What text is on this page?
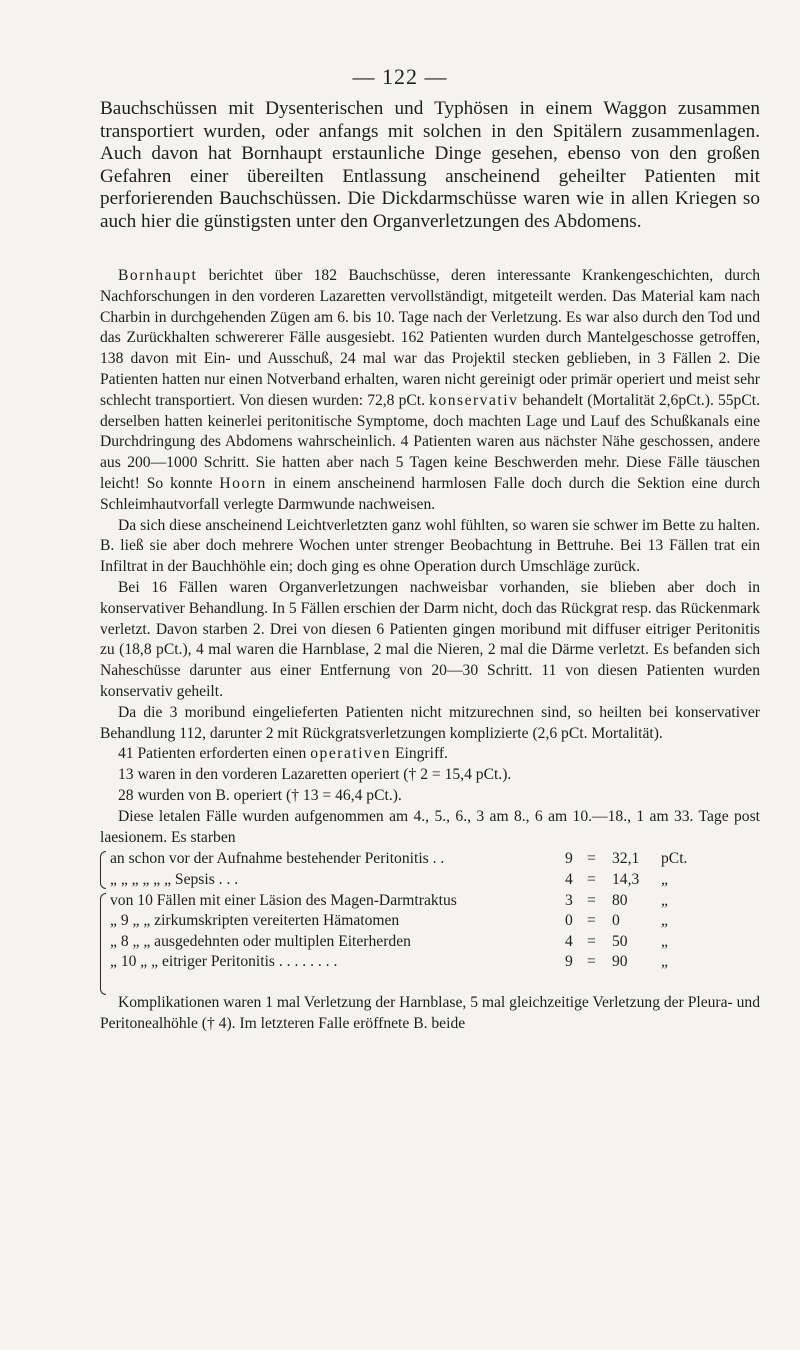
— 122 —
Bauchschüssen mit Dysenterischen und Typhösen in einem Waggon zusammen transportiert wurden, oder anfangs mit solchen in den Spitälern zusammenlagen. Auch davon hat Bornhaupt erstaunliche Dinge gesehen, ebenso von den großen Gefahren einer übereilten Entlassung anscheinend geheilter Patienten mit perforierenden Bauchschüssen. Die Dickdarmschüsse waren wie in allen Kriegen so auch hier die günstigsten unter den Organverletzungen des Abdomens.

Bornhaupt berichtet über 182 Bauchschüsse, deren interessante Krankengeschichten, durch Nachforschungen in den vorderen Lazaretten vervollständigt, mitgeteilt werden. Das Material kam nach Charbin in durchgehenden Zügen am 6. bis 10. Tage nach der Verletzung. Es war also durch den Tod und das Zurückhalten schwererer Fälle ausgesiebt. 162 Patienten wurden durch Mantelgeschosse getroffen, 138 davon mit Ein- und Ausschuß, 24 mal war das Projektil stecken geblieben, in 3 Fällen 2. Die Patienten hatten nur einen Notverband erhalten, waren nicht gereinigt oder primär operiert und meist sehr schlecht transportiert. Von diesen wurden: 72,8 pCt. konservativ behandelt (Mortalität 2,6pCt.). 55pCt. derselben hatten keinerlei peritonitische Symptome, doch machten Lage und Lauf des Schußkanals eine Durchdringung des Abdomens wahrscheinlich. 4 Patienten waren aus nächster Nähe geschossen, andere aus 200—1000 Schritt. Sie hatten aber nach 5 Tagen keine Beschwerden mehr. Diese Fälle täuschen leicht! So konnte Hoorn in einem anscheinend harmlosen Falle doch durch die Sektion eine durch Schleimhautvorfall verlegte Darmwunde nachweisen.

Da sich diese anscheinend Leichtverletzten ganz wohl fühlten, so waren sie schwer im Bette zu halten. B. ließ sie aber doch mehrere Wochen unter strenger Beobachtung in Bettruhe. Bei 13 Fällen trat ein Infiltrat in der Bauchhöhle ein; doch ging es ohne Operation durch Umschläge zurück.

Bei 16 Fällen waren Organverletzungen nachweisbar vorhanden, sie blieben aber doch in konservativer Behandlung. In 5 Fällen erschien der Darm nicht, doch das Rückgrat resp. das Rückenmark verletzt. Davon starben 2. Drei von diesen 6 Patienten gingen moribund mit diffuser eitriger Peritonitis zu (18,8 pCt.), 4 mal waren die Harnblase, 2 mal die Nieren, 2 mal die Därme verletzt. Es befanden sich Naheschüsse darunter aus einer Entfernung von 20—30 Schritt. 11 von diesen Patienten wurden konservativ geheilt.

Da die 3 moribund eingelieferten Patienten nicht mitzurechnen sind, so heilten bei konservativer Behandlung 112, darunter 2 mit Rückgratsverletzungen komplizierte (2,6 pCt. Mortalität).

41 Patienten erforderten einen operativen Eingriff.

13 waren in den vorderen Lazaretten operiert († 2 = 15,4 pCt.).

28 wurden von B. operiert († 13 = 46,4 pCt.).

Diese letalen Fälle wurden aufgenommen am 4., 5., 6., 3 am 8., 6 am 10.—18., 1 am 33. Tage post laesionem. Es starben

an schon vor der Aufnahme bestehender Peritonitis . .
„ „ „ „ „ „ Sepsis . . .
von 10 Fällen mit einer Läsion des Magen-Darmtraktus
„ 9 „ „ zirkumskripten vereiterten Hämatomen
„ 8 „ „ ausgedehnten oder multiplen Eiterherden
„ 10 „ „ eitriger Peritonitis . . . . . . . .
9 = 32,1 pCt.
4 = 14,3 „
3 = 80 „
0 = 0	„
4 = 50 „
9 = 90 „

Komplikationen waren 1 mal Verletzung der Harnblase, 5 mal gleichzeitige Verletzung der Pleura- und Peritonealhöhle († 4). Im letzteren Falle eröffnete B. beide
